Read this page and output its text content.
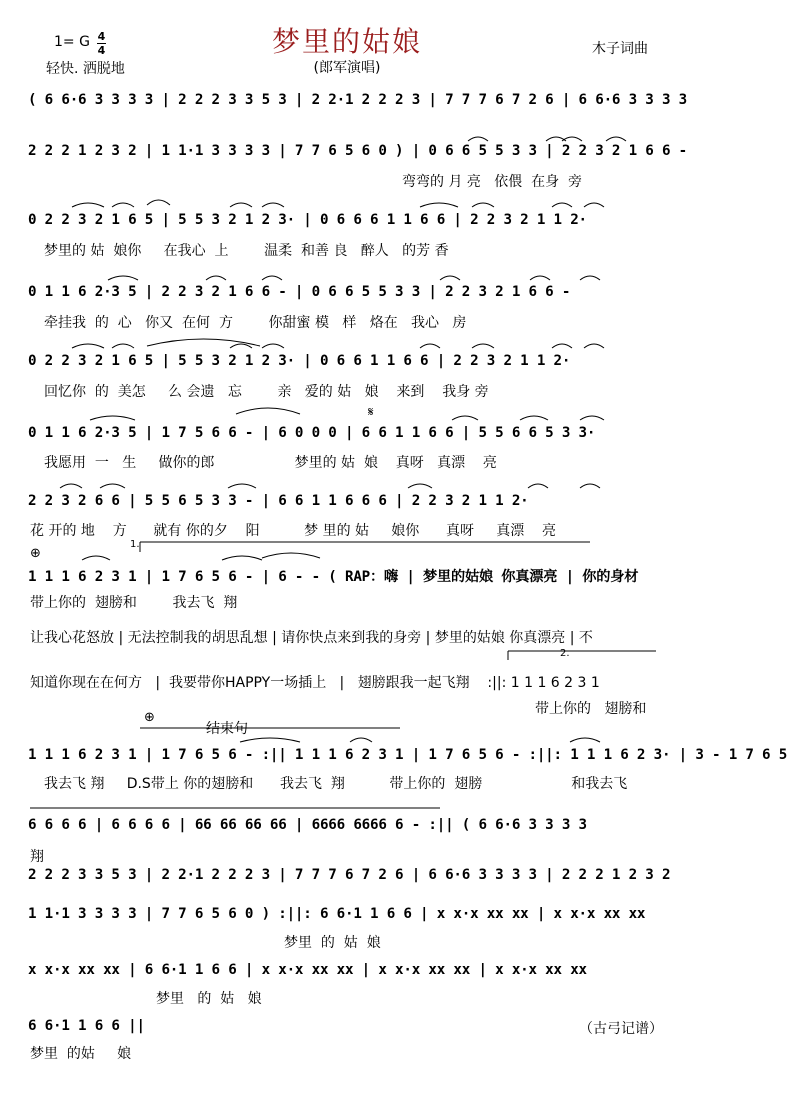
1= G 4
4
轻快. 洒脱地
梦里的姑娘
(郎军演唱)
木子词曲
( 6 6·6 3 3 3 3 | 2 2 2 3 3 5 3 | 2 2·1 2 2 2 3 | 7 7 7 6 7 2 6 | 6 6·6 3 3 3 3
2 2 2 1 2 3 2 | 1 1·1 3 3 3 3 | 7 7 6 5 6 0 ) | 0 6 6 5 5 3 3 | 2 2 3 2 1 6 6 -
弯弯的 月 亮   依偎  在身  旁
0 2 2 3 2 1 6 5 | 5 5 3 2 1 2 3· | 0 6 6 6 1 1 6 6 | 2 2 3 2 1 1 2·
梦里的 姑  娘你     在我心  上        温柔  和善 良   醉人   的芳 香
0 1 1 6 2·3 5 | 2 2 3 2 1 6 6 - | 0 6 6 5 5 3 3 | 2 2 3 2 1 6 6 -
牵挂我  的  心   你又  在何  方        你甜蜜 模   样   烙在   我心   房
0 2 2 3 2 1 6 5 | 5 5 3 2 1 2 3· | 0 6 6 1 1 6 6 | 2 2 3 2 1 1 2·
回忆你  的  美怎     么 会遗   忘        亲   爱的 姑   娘    来到    我身 旁
0 1 1 6 2·3 5 | 1 7 5 6 6 - | 6 0 0 0 | 6 6 1 1 6 6 | 5 5 6 6 5 3 3·
我愿用  一   生     做你的郎                  梦里的 姑  娘    真呀   真漂    亮
2 2 3 2 6 6 | 5 5 6 5 3 3 - | 6 6 1 1 6 6 6 | 2 2 3 2 1 1 2·
花 开的 地    方      就有 你的夕    阳          梦 里的 姑     娘你      真呀     真漂    亮
1 1 1 6 2 3 1 | 1 7 6 5 6 - | 6 - - ( RAP：嗨 | 梦里的姑娘 你真漂亮 | 你的身材
带上你的  翅膀和        我去飞  翔
让我心花怒放 | 无法控制我的胡思乱想 | 请你快点来到我的身旁 | 梦里的姑娘 你真漂亮 | 不
知道你现在在何方   |  我要带你HAPPY一场插上   |   翅膀跟我一起飞翔    :||: 1 1 1 6 2 3 1
带上你的   翅膀和
1 1 1 6 2 3 1 | 1 7 6 5 6 - :|| 1 1 1 6 2 3 1 | 1 7 6 5 6 - :||: 1 1 1 6 2 3· | 3 - 1 7 6 5
我去飞 翔     D.S带上 你的翅膀和      我去飞  翔          带上你的  翅膀                    和我去飞
6 6 6 6 | 6 6 6 6 | 66 66 66 66 | 6666 6666 6 - :|| ( 6 6·6 3 3 3 3
翔
2 2 2 3 3 5 3 | 2 2·1 2 2 2 3 | 7 7 7 6 7 2 6 | 6 6·6 3 3 3 3 | 2 2 2 1 2 3 2
1 1·1 3 3 3 3 | 7 7 6 5 6 0 ) :||: 6 6·1 1 6 6 | x x·x xx xx | x x·x xx xx
梦里  的  姑  娘
x x·x xx xx | 6 6·1 1 6 6 | x x·x xx xx | x x·x xx xx | x x·x xx xx
梦里   的  姑   娘
6 6·1 1 6 6 ||
梦里  的姑     娘
𝄋
⊕
⊕
1.
2.
结束句
（古弓记谱）
